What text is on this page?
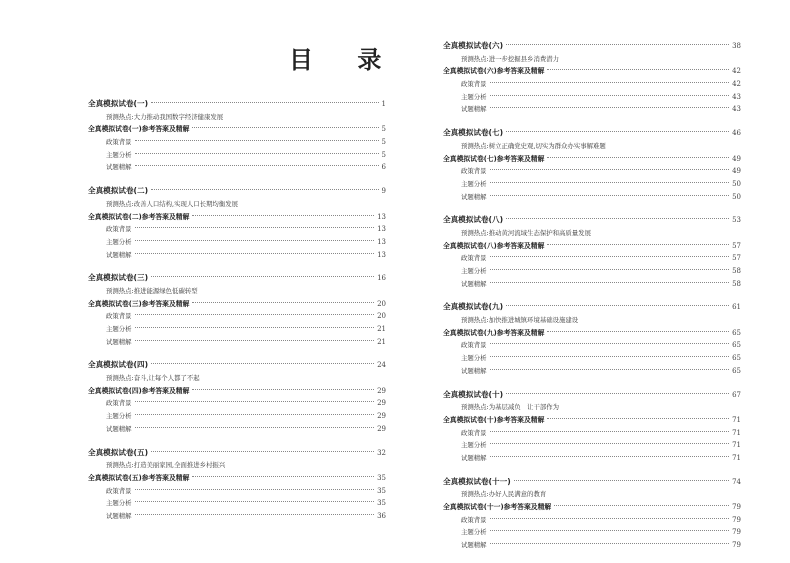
目 录
全真模拟试卷(一)	1
预测热点:大力推动我国数字经济健康发展
全真模拟试卷(一)参考答案及精解	5
政策背景	5
主题分析	5
试题精解	6
全真模拟试卷(二)	9
预测热点:改善人口结构,实现人口长期均衡发展
全真模拟试卷(二)参考答案及精解	13
政策背景	13
主题分析	13
试题精解	13
全真模拟试卷(三)	16
预测热点:推进能源绿色低碳转型
全真模拟试卷(三)参考答案及精解	20
政策背景	20
主题分析	21
试题精解	21
全真模拟试卷(四)	24
预测热点:奋斗,让每个人都了不起
全真模拟试卷(四)参考答案及精解	29
政策背景	29
主题分析	29
试题精解	29
全真模拟试卷(五)	32
预测热点:打造美丽家园,全面推进乡村振兴
全真模拟试卷(五)参考答案及精解	35
政策背景	35
主题分析	35
试题精解	36
全真模拟试卷(六)	38
预测热点:进一步挖掘县乡消费潜力
全真模拟试卷(六)参考答案及精解	42
政策背景	42
主题分析	43
试题精解	43
全真模拟试卷(七)	46
预测热点:树立正确党史观,切实为群众办实事解难题
全真模拟试卷(七)参考答案及精解	49
政策背景	49
主题分析	50
试题精解	50
全真模拟试卷(八)	53
预测热点:推动黄河流域生态保护和高质量发展
全真模拟试卷(八)参考答案及精解	57
政策背景	57
主题分析	58
试题精解	58
全真模拟试卷(九)	61
预测热点:加快推进城镇环境基础设施建设
全真模拟试卷(九)参考答案及精解	65
政策背景	65
主题分析	65
试题精解	65
全真模拟试卷(十)	67
预测热点:为基层减负　让干部作为
全真模拟试卷(十)参考答案及精解	71
政策背景	71
主题分析	71
试题精解	71
全真模拟试卷(十一)	74
预测热点:办好人民满意的教育
全真模拟试卷(十一)参考答案及精解	79
政策背景	79
主题分析	79
试题精解	79
